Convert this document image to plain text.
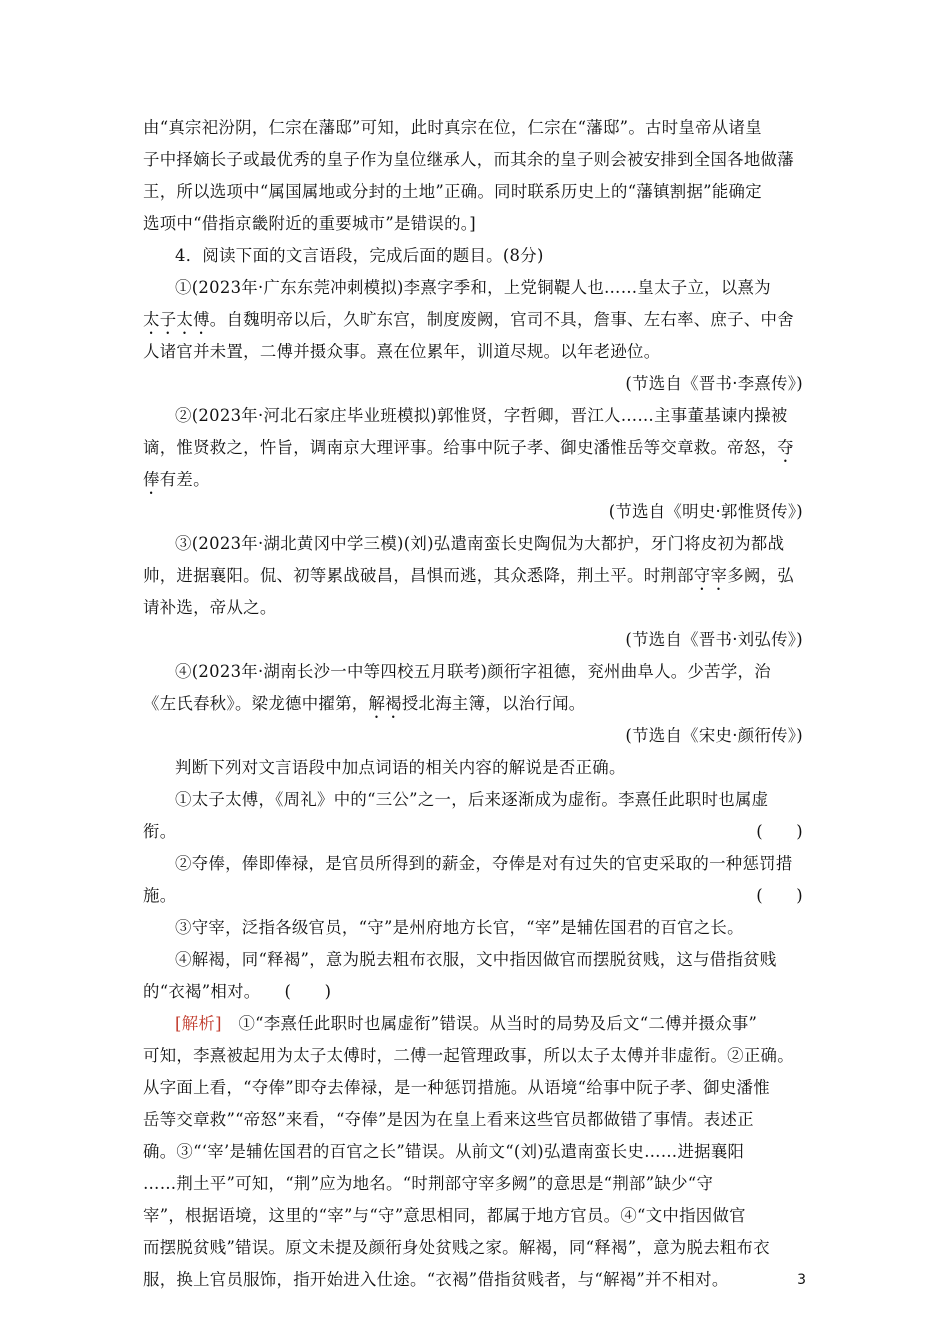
由“真宗祀汾阴，仁宗在藩邸”可知，此时真宗在位，仁宗在“藩邸”。古时皇帝从诸皇
子中择嫡长子或最优秀的皇子作为皇位继承人，而其余的皇子则会被安排到全国各地做藩
王，所以选项中“属国属地或分封的土地”正确。同时联系历史上的“藩镇割据”能确定
选项中“借指京畿附近的重要城市”是错误的。]
4．阅读下面的文言语段，完成后面的题目。(8分)
①(2023年·广东东莞冲刺模拟)李熹字季和，上党铜鞮人也……皇太子立，以熹为
太子太傅。自魏明帝以后，久旷东宫，制度废阙，官司不具，詹事、左右率、庶子、中舍
人诸官并未置，二傅并摄众事。熹在位累年，训道尽规。以年老逊位。
(节选自《晋书·李熹传》)
②(2023年·河北石家庄毕业班模拟)郭惟贤，字哲卿，晋江人……主事董基谏内操被
谪，惟贤救之，忤旨，调南京大理评事。给事中阮子孝、御史潘惟岳等交章救。帝怒，夺
俸有差。
(节选自《明史·郭惟贤传》)
③(2023年·湖北黄冈中学三模)(刘)弘遣南蛮长史陶侃为大都护，牙门将皮初为都战
帅，进据襄阳。侃、初等累战破昌，昌惧而逃，其众悉降，荆土平。时荆部守宰多阙，弘
请补选，帝从之。
(节选自《晋书·刘弘传》)
④(2023年·湖南长沙一中等四校五月联考)颜衎字祖德，兖州曲阜人。少苦学，治
《左氏春秋》。梁龙德中擢第，解褐授北海主簿，以治行闻。
(节选自《宋史·颜衎传》)
判断下列对文言语段中加点词语的相关内容的解说是否正确。
①太子太傅，《周礼》中的“三公”之一，后来逐渐成为虚衔。李熹任此职时也属虚
衔。	(　　)
②夺俸，俸即俸禄，是官员所得到的薪金，夺俸是对有过失的官吏采取的一种惩罚措
施。	(　　)
③守宰，泛指各级官员，“守”是州府地方长官，“宰”是辅佐国君的百官之长。
④解褐，同“释褐”，意为脱去粗布衣服，文中指因做官而摆脱贫贱，这与借指贫贱
的“衣褐”相对。 (　　)
[解析]　 ①“李熹任此职时也属虚衔”错误。从当时的局势及后文“二傅并摄众事”
可知，李熹被起用为太子太傅时，二傅一起管理政事，所以太子太傅并非虚衔。②正确。
从字面上看，“夺俸”即夺去俸禄，是一种惩罚措施。从语境“给事中阮子孝、御史潘惟
岳等交章救”“帝怒”来看，“夺俸”是因为在皇上看来这些官员都做错了事情。表述正
确。③“‘宰’是辅佐国君的百官之长”错误。从前文“(刘)弘遣南蛮长史……进据襄阳
……荆土平”可知，“荆”应为地名。“时荆部守宰多阙”的意思是“荆部”缺少“守
宰”，根据语境，这里的“宰”与“守”意思相同，都属于地方官员。④“文中指因做官
而摆脱贫贱”错误。原文未提及颜衎身处贫贱之家。解褐，同“释褐”，意为脱去粗布衣
服，换上官员服饰，指开始进入仕途。“衣褐”借指贫贱者，与“解褐”并不相对。	3
